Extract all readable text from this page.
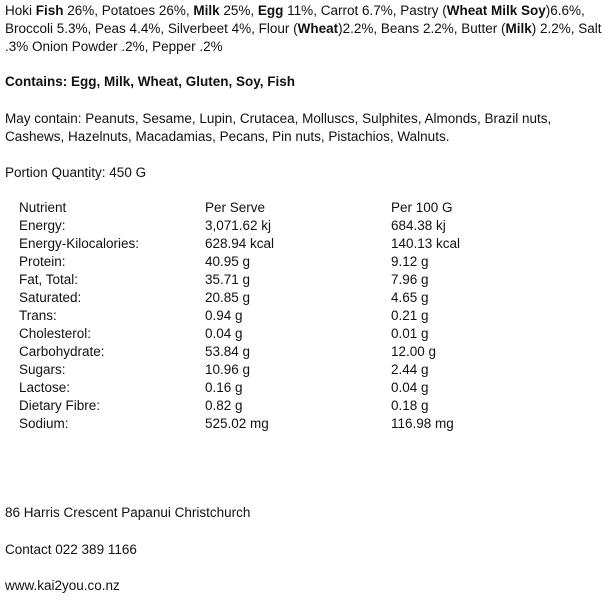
Hoki Fish 26%, Potatoes 26%, Milk 25%, Egg 11%, Carrot 6.7%, Pastry (Wheat Milk Soy)6.6%, Broccoli 5.3%, Peas 4.4%, Silverbeet 4%, Flour (Wheat)2.2%, Beans 2.2%, Butter (Milk) 2.2%, Salt .3% Onion Powder .2%, Pepper .2%
Contains: Egg, Milk, Wheat, Gluten, Soy, Fish
May contain: Peanuts, Sesame, Lupin, Crutacea, Molluscs, Sulphites, Almonds, Brazil nuts, Cashews, Hazelnuts, Macadamias, Pecans, Pin nuts, Pistachios, Walnuts.
Portion Quantity: 450 G
Nutrient	Per Serve	Per 100 G
Energy:	3,071.62 kj	684.38 kj
Energy-Kilocalories:	628.94 kcal	140.13 kcal
Protein:	40.95 g	9.12 g
Fat, Total:	35.71 g	7.96 g
Saturated:	20.85 g	4.65 g
Trans:	0.94 g	0.21 g
Cholesterol:	0.04 g	0.01 g
Carbohydrate:	53.84 g	12.00 g
Sugars:	10.96 g	2.44 g
Lactose:	0.16 g	0.04 g
Dietary Fibre:	0.82 g	0.18 g
Sodium:	525.02 mg	116.98 mg
86 Harris Crescent Papanui Christchurch
Contact 022 389 1166
www.kai2you.co.nz
